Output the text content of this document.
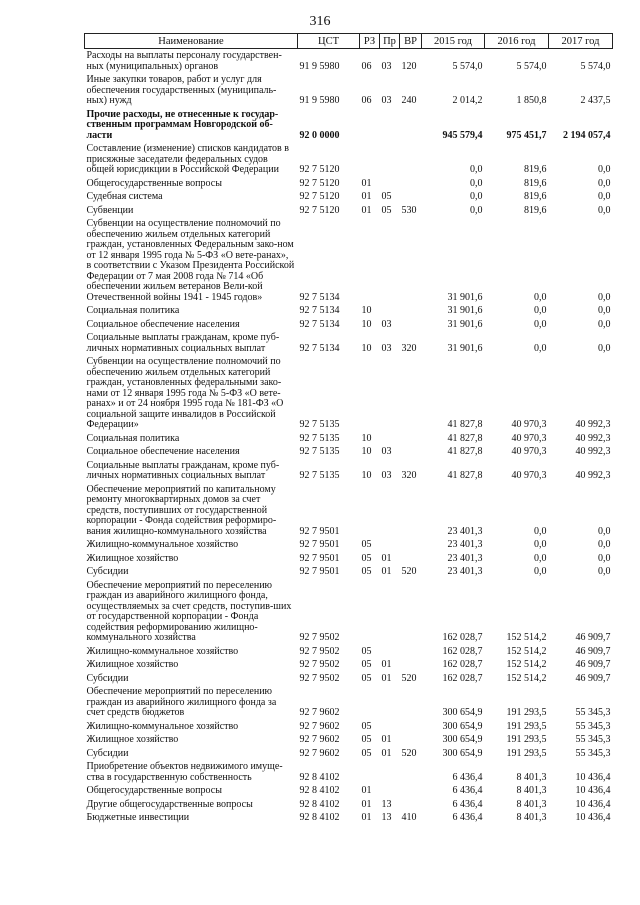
316
Наименование	ЦСТ	РЗ	Пр	ВР	2015 год	2016 год	2017 год
Расходы на выплаты персоналу государствен-ных (муниципальных) органов	91 9 5980	06	03	120	5 574,0	5 574,0	5 574,0
Иные закупки товаров, работ и услуг для обеспечения государственных (муниципаль-ных) нужд	91 9 5980	06	03	240	2 014,2	1 850,8	2 437,5
Прочие расходы, не отнесенные к государ-ственным программам Новгородской об-ласти	92 0 0000				945 579,4	975 451,7	2 194 057,4
Составление (изменение) списков кандидатов в присяжные заседатели федеральных судов общей юрисдикции в Российской Федерации	92 7 5120				0,0	819,6	0,0
Общегосударственные вопросы	92 7 5120	01			0,0	819,6	0,0
Судебная система	92 7 5120	01	05		0,0	819,6	0,0
Субвенции	92 7 5120	01	05	530	0,0	819,6	0,0
Субвенции на осуществление полномочий по обеспечению жильем отдельных категорий граждан, установленных Федеральным зако-ном от 12 января 1995 года № 5-ФЗ «О вете-ранах», в соответствии с Указом Президента Российской Федерации от 7 мая 2008 года № 714 «Об обеспечении жильем ветеранов Вели-кой Отечественной войны 1941 - 1945 годов»	92 7 5134				31 901,6	0,0	0,0
Социальная политика	92 7 5134	10			31 901,6	0,0	0,0
Социальное обеспечение населения	92 7 5134	10	03		31 901,6	0,0	0,0
Социальные выплаты гражданам, кроме пуб-личных нормативных социальных выплат	92 7 5134	10	03	320	31 901,6	0,0	0,0
Субвенции на осуществление полномочий по обеспечению жильем отдельных категорий граждан, установленных федеральными зако-нами от 12 января 1995 года № 5-ФЗ «О вете-ранах» и от 24 ноября 1995 года № 181-ФЗ «О социальной защите инвалидов в Российской Федерации»	92 7 5135				41 827,8	40 970,3	40 992,3
Социальная политика	92 7 5135	10			41 827,8	40 970,3	40 992,3
Социальное обеспечение населения	92 7 5135	10	03		41 827,8	40 970,3	40 992,3
Социальные выплаты гражданам, кроме пуб-личных нормативных социальных выплат	92 7 5135	10	03	320	41 827,8	40 970,3	40 992,3
Обеспечение мероприятий по капитальному ремонту многоквартирных домов за счет средств, поступивших от государственной корпорации - Фонда содействия реформиро-вания жилищно-коммунального хозяйства	92 7 9501				23 401,3	0,0	0,0
Жилищно-коммунальное хозяйство	92 7 9501	05			23 401,3	0,0	0,0
Жилищное хозяйство	92 7 9501	05	01		23 401,3	0,0	0,0
Субсидии	92 7 9501	05	01	520	23 401,3	0,0	0,0
Обеспечение мероприятий по переселению граждан из аварийного жилищного фонда, осуществляемых за счет средств, поступив-ших от государственной корпорации - Фонда содействия реформированию жилищно-коммунального хозяйства	92 7 9502				162 028,7	152 514,2	46 909,7
Жилищно-коммунальное хозяйство	92 7 9502	05			162 028,7	152 514,2	46 909,7
Жилищное хозяйство	92 7 9502	05	01		162 028,7	152 514,2	46 909,7
Субсидии	92 7 9502	05	01	520	162 028,7	152 514,2	46 909,7
Обеспечение мероприятий по переселению граждан из аварийного жилищного фонда за счет средств бюджетов	92 7 9602				300 654,9	191 293,5	55 345,3
Жилищно-коммунальное хозяйство	92 7 9602	05			300 654,9	191 293,5	55 345,3
Жилищное хозяйство	92 7 9602	05	01		300 654,9	191 293,5	55 345,3
Субсидии	92 7 9602	05	01	520	300 654,9	191 293,5	55 345,3
Приобретение объектов недвижимого имуще-ства в государственную собственность	92 8 4102				6 436,4	8 401,3	10 436,4
Общегосударственные вопросы	92 8 4102	01			6 436,4	8 401,3	10 436,4
Другие общегосударственные вопросы	92 8 4102	01	13		6 436,4	8 401,3	10 436,4
Бюджетные инвестиции	92 8 4102	01	13	410	6 436,4	8 401,3	10 436,4
